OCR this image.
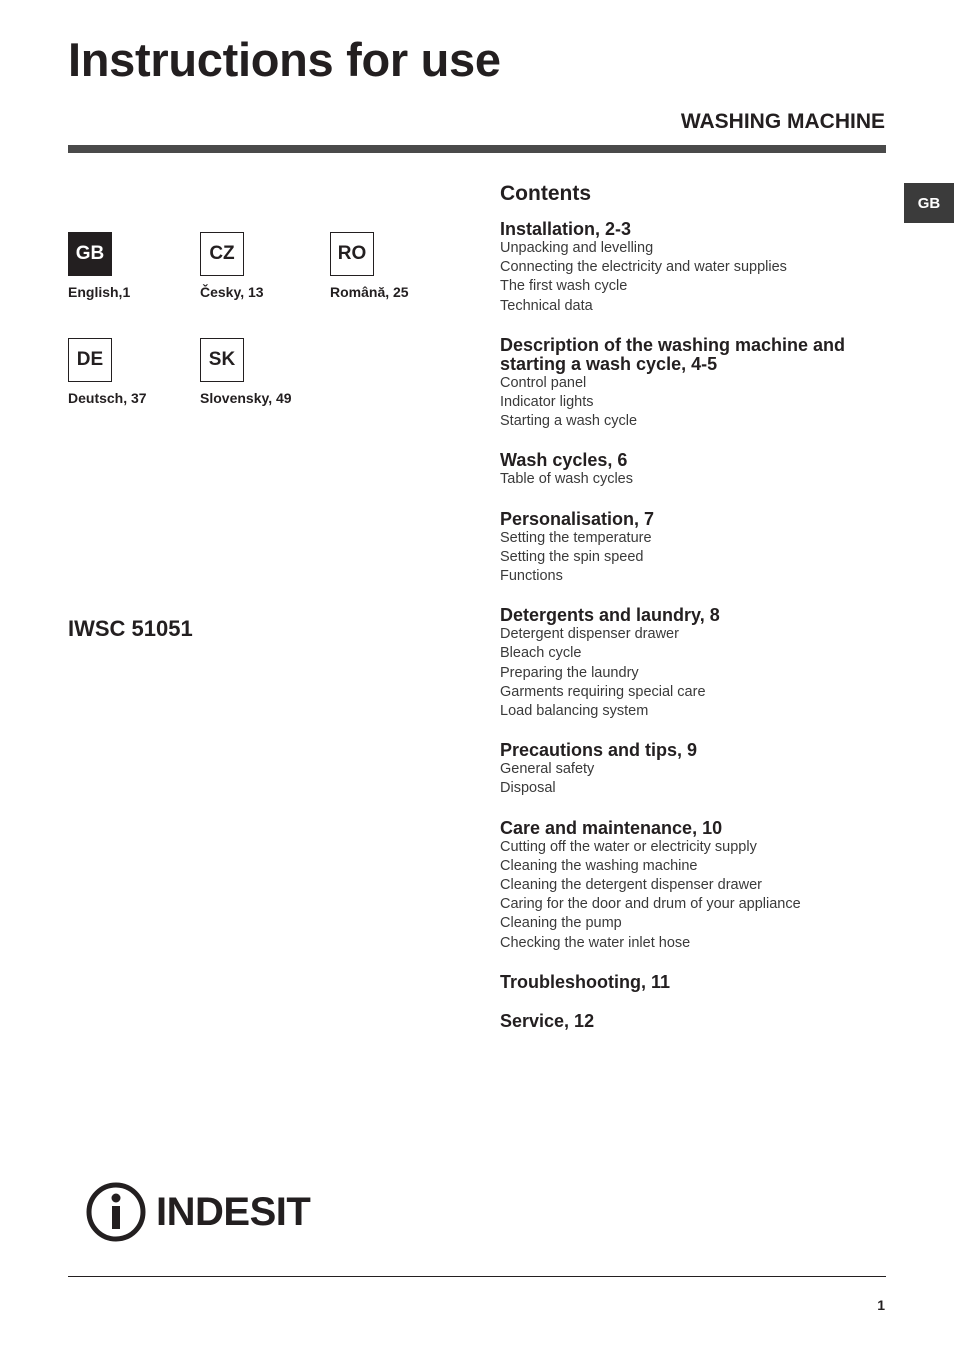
Instructions for use
WASHING MACHINE
GB
GB
English,1
CZ
Česky, 13
RO
Română, 25
DE
Deutsch, 37
SK
Slovensky, 49
IWSC 51051
Contents
Installation, 2-3
Unpacking and levelling
Connecting the electricity and water supplies
The first wash cycle
Technical data
Description of the washing machine and starting a wash cycle, 4-5
Control panel
Indicator lights
Starting a wash cycle
Wash cycles, 6
Table of wash cycles
Personalisation, 7
Setting the temperature
Setting the spin speed
Functions
Detergents and laundry, 8
Detergent dispenser drawer
Bleach cycle
Preparing the laundry
Garments requiring special care
Load balancing system
Precautions and tips, 9
General safety
Disposal
Care and maintenance, 10
Cutting off the water or electricity supply
Cleaning the washing machine
Cleaning the detergent dispenser drawer
Caring for the door and drum of your appliance
Cleaning the pump
Checking the water inlet hose
Troubleshooting, 11
Service, 12
INDESIT
1
